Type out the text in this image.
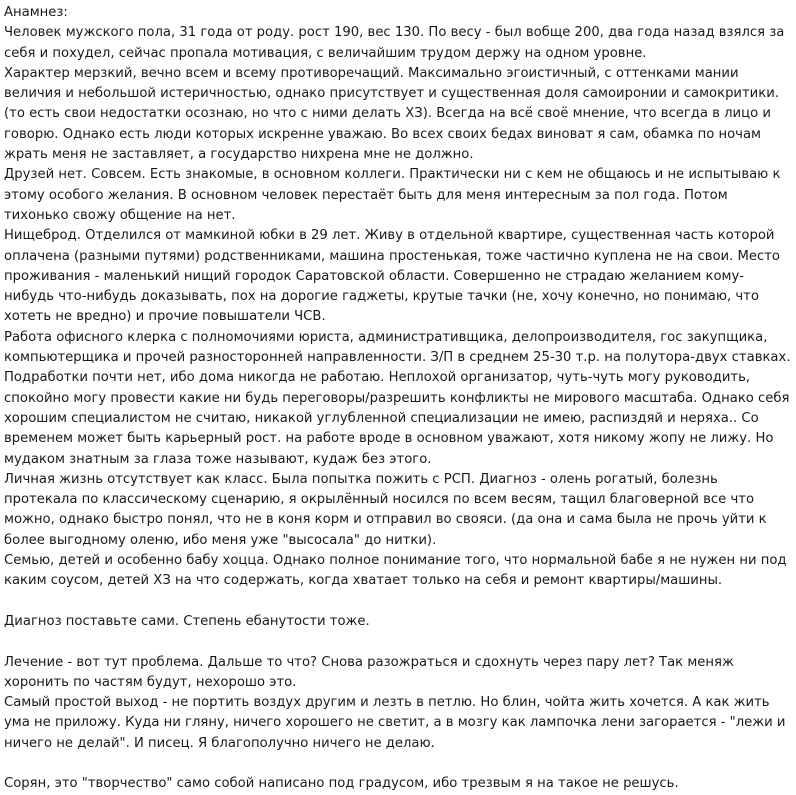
Анамнез:

Человек мужского пола, 31 года от роду. рост 190, вес 130. По весу - был вобще 200, два года назад взялся за себя и похудел, сейчас пропала мотивация, с величайшим трудом держу на одном уровне.

Характер мерзкий, вечно всем и всему противоречащий. Максимально эгоистичный, с оттенками мании величия и небольшой истеричностью, однако присутствует и существенная доля самоиронии и самокритики. (то есть свои недостатки осознаю, но что с ними делать ХЗ). Всегда на всё своё мнение, что всегда в лицо и говорю. Однако есть люди которых искренне уважаю. Во всех своих бедах виноват я сам, обамка по ночам жрать меня не заставляет, а государство нихрена мне не должно.

Друзей нет. Совсем. Есть знакомые, в основном коллеги. Практически ни с кем не общаюсь и не испытываю к этому особого желания. В основном человек перестаёт быть для меня интересным за пол года. Потом тихонько свожу общение на нет.

Нищеброд. Отделился от мамкиной юбки в 29 лет. Живу в отдельной квартире, существенная часть которой оплачена (разными путями) родственниками, машина простенькая, тоже частично куплена не на свои. Место проживания - маленький нищий городок Саратовской области. Совершенно не страдаю желанием кому-нибудь что-нибудь доказывать, пох на дорогие гаджеты, крутые тачки (не, хочу конечно, но понимаю, что хотеть не вредно) и прочие повышатели ЧСВ.

Работа офисного клерка с полномочиями юриста, административщика, делопроизводителя, гос закупщика, компьютерщика и прочей разносторонней направленности. З/П в среднем 25-30 т.р. на полутора-двух ставках. Подработки почти нет, ибо дома никогда не работаю. Неплохой организатор, чуть-чуть могу руководить, спокойно могу провести какие ни будь переговоры/разрешить конфликты не мирового масштаба. Однако себя хорошим специалистом не считаю, никакой углубленной специализации не имею, распиздяй и неряха.. Со временем может быть карьерный рост. на работе вроде в основном уважают, хотя никому жопу не лижу. Но мудаком знатным за глаза тоже называют, кудаж без этого.

Личная жизнь отсутствует как класс. Была попытка пожить с РСП. Диагноз - олень рогатый, болезнь протекала по классическому сценарию, я окрылённый носился по всем весям, тащил благоверной все что можно, однако быстро понял, что не в коня корм и отправил во свояси. (да она и сама была не прочь уйти к более выгодному оленю, ибо меня уже "высосала" до нитки).

Семью, детей и особенно бабу хоцца. Однако полное понимание того, что нормальной бабе я не нужен ни под каким соусом, детей ХЗ на что содержать, когда хватает только на себя и ремонт квартиры/машины.

Диагноз поставьте сами. Степень ебанутости тоже.

Лечение - вот тут проблема. Дальше то что? Снова разожраться и сдохнуть через пару лет? Так меняж хоронить по частям будут, нехорошо это.

Самый простой выход - не портить воздух другим и лезть в петлю. Но блин, чойта жить хочется. А как жить ума не приложу. Куда ни гляну, ничего хорошего не светит, а в мозгу как лампочка лени загорается - "лежи и ничего не делай". И писец. Я благополучно ничего не делаю.

Сорян, это "творчество" само собой написано под градусом, ибо трезвым я на такое не решусь.
